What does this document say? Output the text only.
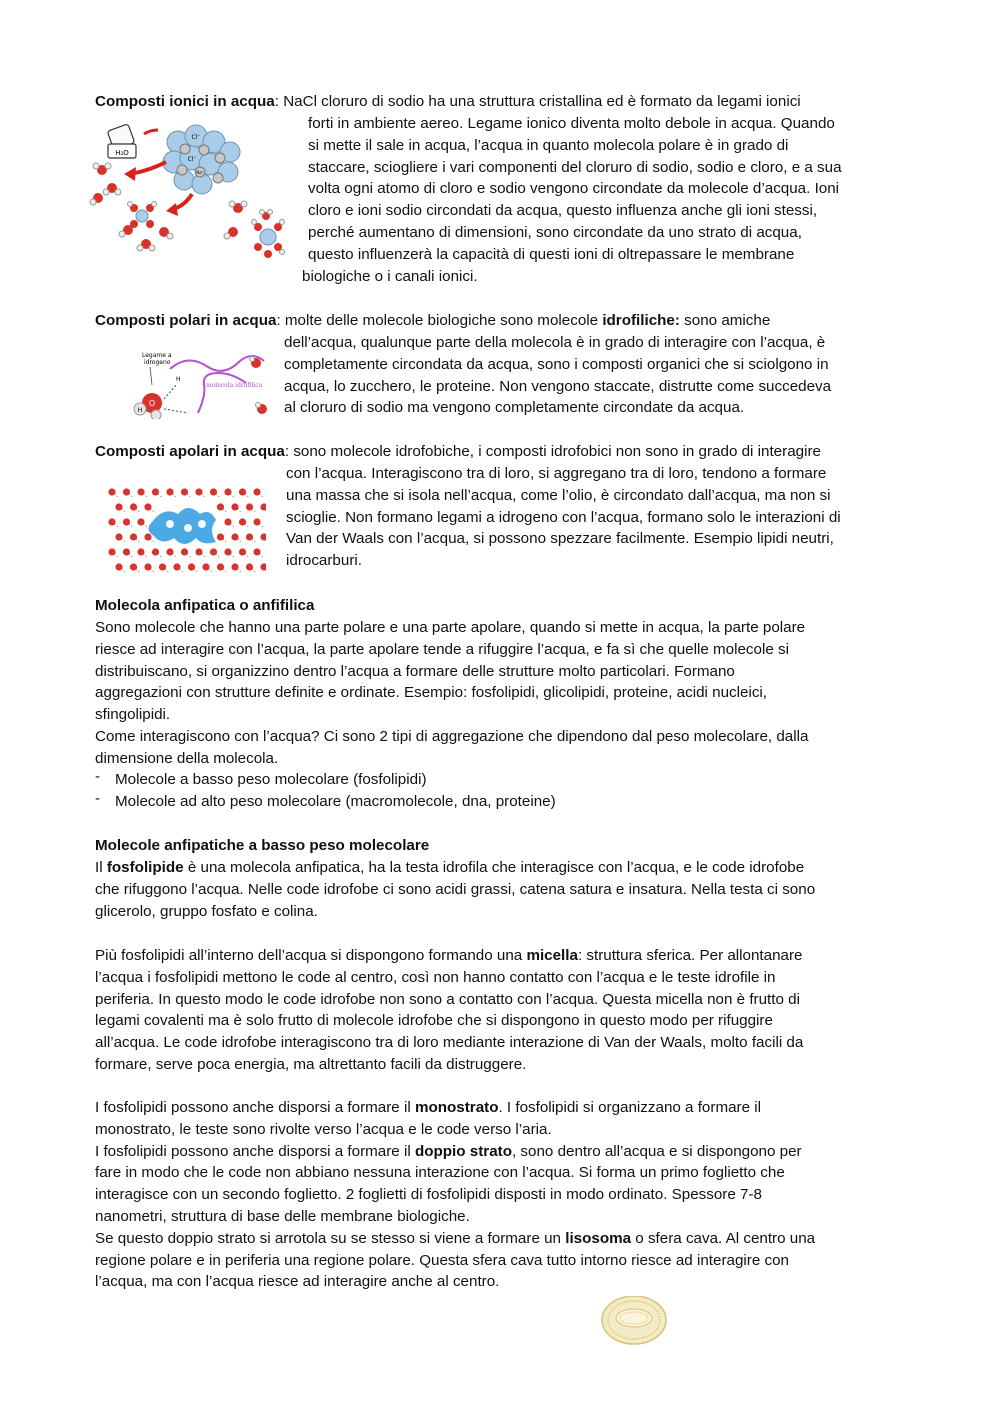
Composti ionici in acqua: NaCl cloruro di sodio ha una struttura cristallina ed è formato da legami ionici

forti in ambiente aereo. Legame ionico diventa molto debole in acqua. Quando
si mette il sale in acqua, l’acqua in quanto molecola polare è in grado di
staccare, sciogliere i vari componenti del cloruro di sodio, sodio e cloro, e a sua
volta ogni atomo di cloro e sodio vengono circondate da molecole d’acqua. Ioni
cloro e ioni sodio circondati da acqua, questo influenza anche gli ioni stessi,
perché aumentano di dimensioni, sono circondate da uno strato di acqua,
questo influenzerà la capacità di questi ioni di oltrepassare le membrane
biologiche o i canali ionici.

H₂O
Cl⁻
Cl⁻
Na⁺

Composti polari in acqua: molte delle molecole biologiche sono molecole idrofiliche: sono amiche

dell’acqua, qualunque parte della molecola è in grado di interagire con l’acqua, è
completamente circondata da acqua, sono i composti organici che si sciolgono in
acqua, lo zucchero, le proteine. Non vengono staccate, distrutte come succedeva
al cloruro di sodio ma vengono completamente circondate da acqua.

Legame a
idrogeno
molecola idrofilica
O
H
H

Composti apolari in acqua: sono molecole idrofobiche, i composti idrofobici non sono in grado di interagire

con l’acqua. Interagiscono tra di loro, si aggregano tra di loro, tendono a formare
una massa che si isola nell’acqua, come l’olio, è circondato dall’acqua, ma non si
scioglie. Non formano legami a idrogeno con l’acqua, formano solo le interazioni di
Van der Waals con l’acqua, si possono spezzare facilmente. Esempio lipidi neutri,
idrocarburi.

Molecola anfipatica o anfifilica

Sono molecole che hanno una parte polare e una parte apolare, quando si mette in acqua, la parte polare
riesce ad interagire con l’acqua, la parte apolare tende a rifuggire l’acqua, e fa sì che quelle molecole si
distribuiscano, si organizzino dentro l’acqua a formare delle strutture molto particolari. Formano
aggregazioni con strutture definite e ordinate. Esempio: fosfolipidi, glicolipidi, proteine, acidi nucleici,
sfingolipidi.
Come interagiscono con l’acqua? Ci sono 2 tipi di aggregazione che dipendono dal peso molecolare, dalla
dimensione della molecola.

- Molecole a basso peso molecolare (fosfolipidi)
- Molecole ad alto peso molecolare (macromolecole, dna, proteine)

Molecole anfipatiche a basso peso molecolare

Il fosfolipide è una molecola anfipatica, ha la testa idrofila che interagisce con l’acqua, e le code idrofobe
che rifuggono l’acqua. Nelle code idrofobe ci sono acidi grassi, catena satura e insatura. Nella testa ci sono
glicerolo, gruppo fosfato e colina.

Più fosfolipidi all’interno dell’acqua si dispongono formando una micella: struttura sferica. Per allontanare
l’acqua i fosfolipidi mettono le code al centro, così non hanno contatto con l’acqua e le teste idrofile in
periferia. In questo modo le code idrofobe non sono a contatto con l’acqua. Questa micella non è frutto di
legami covalenti ma è solo frutto di molecole idrofobe che si dispongono in questo modo per rifuggire
all’acqua. Le code idrofobe interagiscono tra di loro mediante interazione di Van der Waals, molto facili da
formare, serve poca energia, ma altrettanto facili da distruggere.

I fosfolipidi possono anche disporsi a formare il monostrato. I fosfolipidi si organizzano a formare il
monostrato, le teste sono rivolte verso l’acqua e le code verso l’aria.
I fosfolipidi possono anche disporsi a formare il doppio strato, sono dentro all’acqua e si dispongono per
fare in modo che le code non abbiano nessuna interazione con l’acqua. Si forma un primo foglietto che
interagisce con un secondo foglietto. 2 foglietti di fosfolipidi disposti in modo ordinato. Spessore 7-8
nanometri, struttura di base delle membrane biologiche.
Se questo doppio strato si arrotola su se stesso si viene a formare un lisosoma o sfera cava. Al centro una
regione polare e in periferia una regione polare. Questa sfera cava tutto intorno riesce ad interagire con
l’acqua, ma con l’acqua riesce ad interagire anche al centro.
